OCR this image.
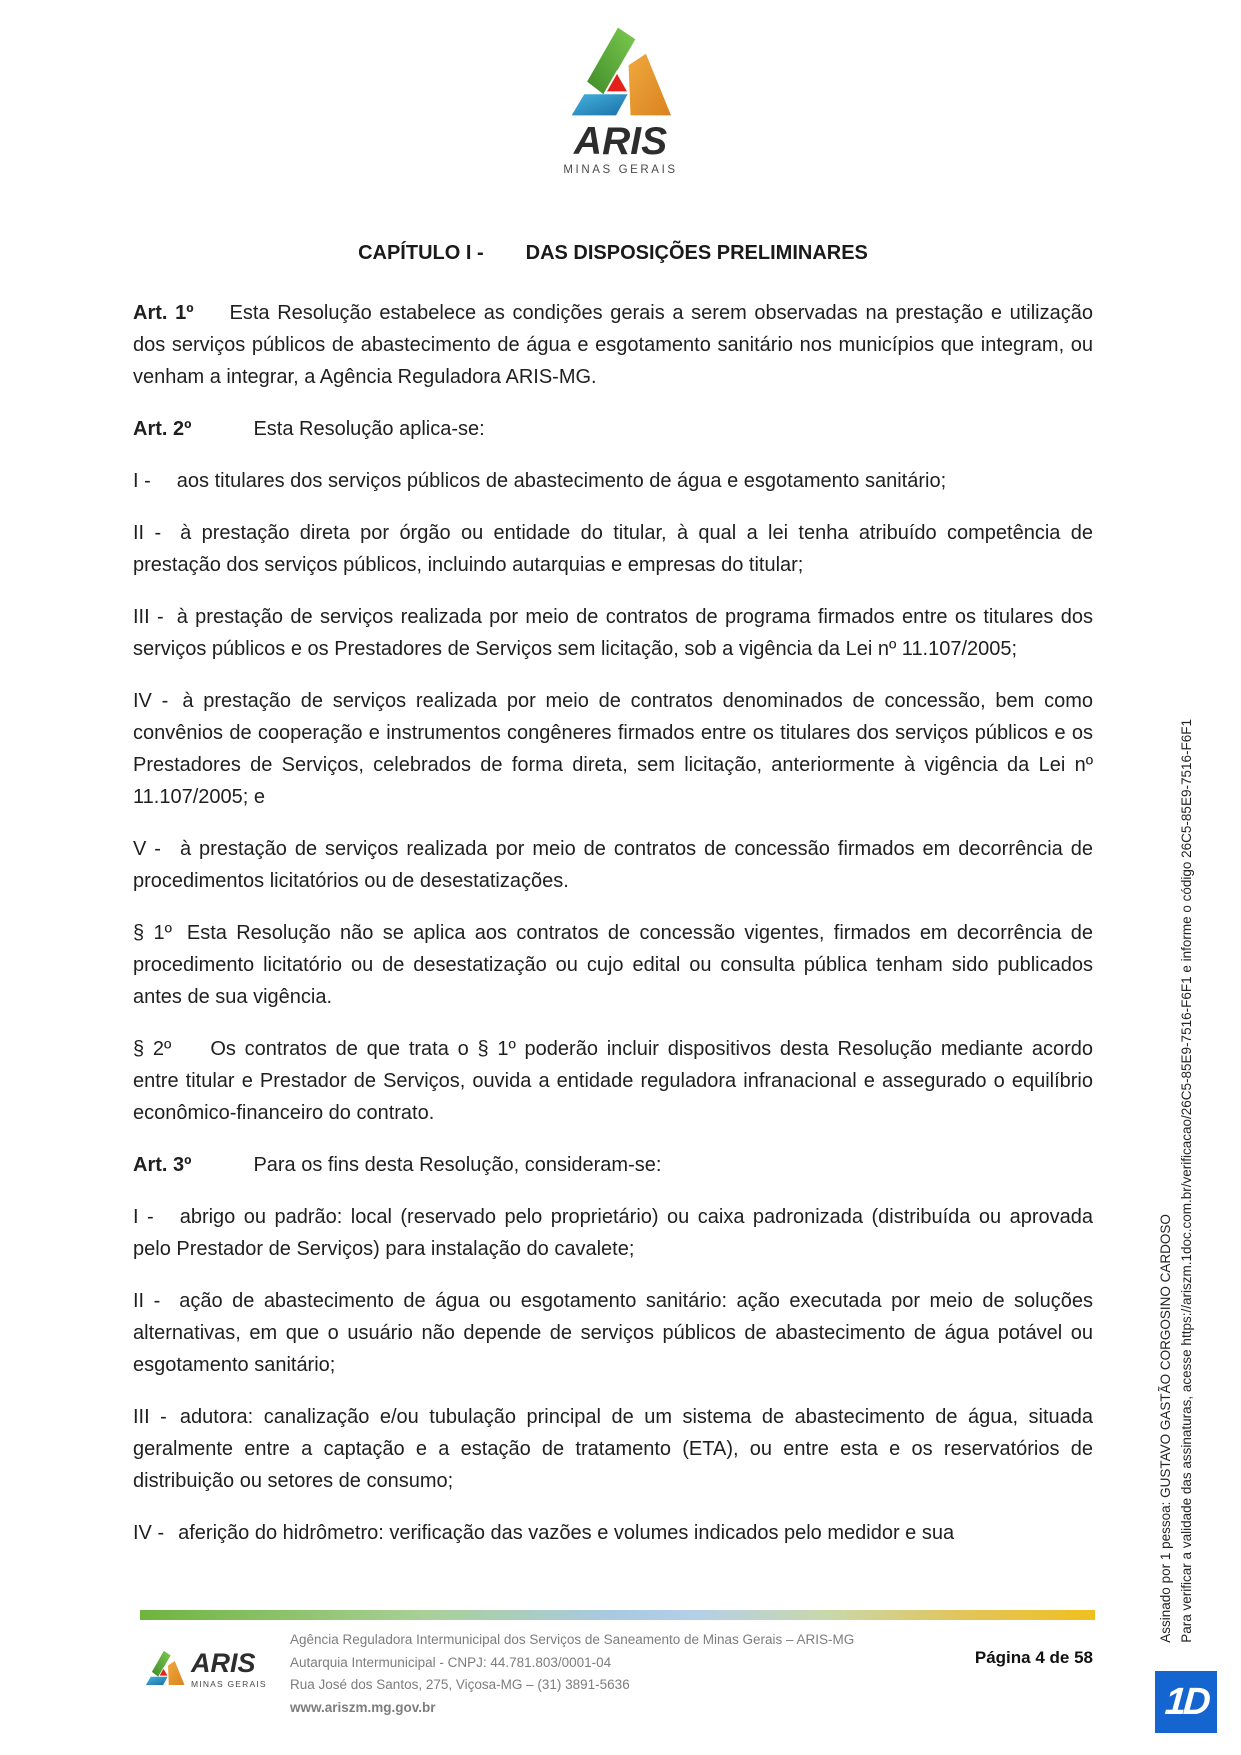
ARIS
MINAS GERAIS
CAPÍTULO I - DAS DISPOSIÇÕES PRELIMINARES

Art. 1º Esta Resolução estabelece as condições gerais a serem observadas na prestação e utilização dos serviços públicos de abastecimento de água e esgotamento sanitário nos municípios que integram, ou venham a integrar, a Agência Reguladora ARIS-MG.

Art. 2º	Esta Resolução aplica-se:

I - aos titulares dos serviços públicos de abastecimento de água e esgotamento sanitário;

II - à prestação direta por órgão ou entidade do titular, à qual a lei tenha atribuído competência de prestação dos serviços públicos, incluindo autarquias e empresas do titular;

III - à prestação de serviços realizada por meio de contratos de programa firmados entre os titulares dos serviços públicos e os Prestadores de Serviços sem licitação, sob a vigência da Lei nº 11.107/2005;

IV - à prestação de serviços realizada por meio de contratos denominados de concessão, bem como convênios de cooperação e instrumentos congêneres firmados entre os titulares dos serviços públicos e os Prestadores de Serviços, celebrados de forma direta, sem licitação, anteriormente à vigência da Lei nº 11.107/2005; e

V - à prestação de serviços realizada por meio de contratos de concessão firmados em decorrência de procedimentos licitatórios ou de desestatizações.

§ 1º Esta Resolução não se aplica aos contratos de concessão vigentes, firmados em decorrência de procedimento licitatório ou de desestatização ou cujo edital ou consulta pública tenham sido publicados antes de sua vigência.

§ 2º Os contratos de que trata o § 1º poderão incluir dispositivos desta Resolução mediante acordo entre titular e Prestador de Serviços, ouvida a entidade reguladora infranacional e assegurado o equilíbrio econômico-financeiro do contrato.

Art. 3º	Para os fins desta Resolução, consideram-se:

I - abrigo ou padrão: local (reservado pelo proprietário) ou caixa padronizada (distribuída ou aprovada pelo Prestador de Serviços) para instalação do cavalete;

II - ação de abastecimento de água ou esgotamento sanitário: ação executada por meio de soluções alternativas, em que o usuário não depende de serviços públicos de abastecimento de água potável ou esgotamento sanitário;

III - adutora: canalização e/ou tubulação principal de um sistema de abastecimento de água, situada geralmente entre a captação e a estação de tratamento (ETA), ou entre esta e os reservatórios de distribuição ou setores de consumo;

IV - aferição do hidrômetro: verificação das vazões e volumes indicados pelo medidor e sua

ARIS
MINAS GERAIS
Agência Reguladora Intermunicipal dos Serviços de Saneamento de Minas Gerais – ARIS-MG
Autarquia Intermunicipal - CNPJ: 44.781.803/0001-04
Rua José dos Santos, 275, Viçosa-MG – (31) 3891-5636
www.ariszm.mg.gov.br
Página 4 de 58
Assinado por 1 pessoa: GUSTAVO GASTÃO CORGOSINO CARDOSO Para verificar a validade das assinaturas, acesse https://ariszm.1doc.com.br/verificacao/26C5-85E9-7516-F6F1 e informe o código 26C5-85E9-7516-F6F1
1D
